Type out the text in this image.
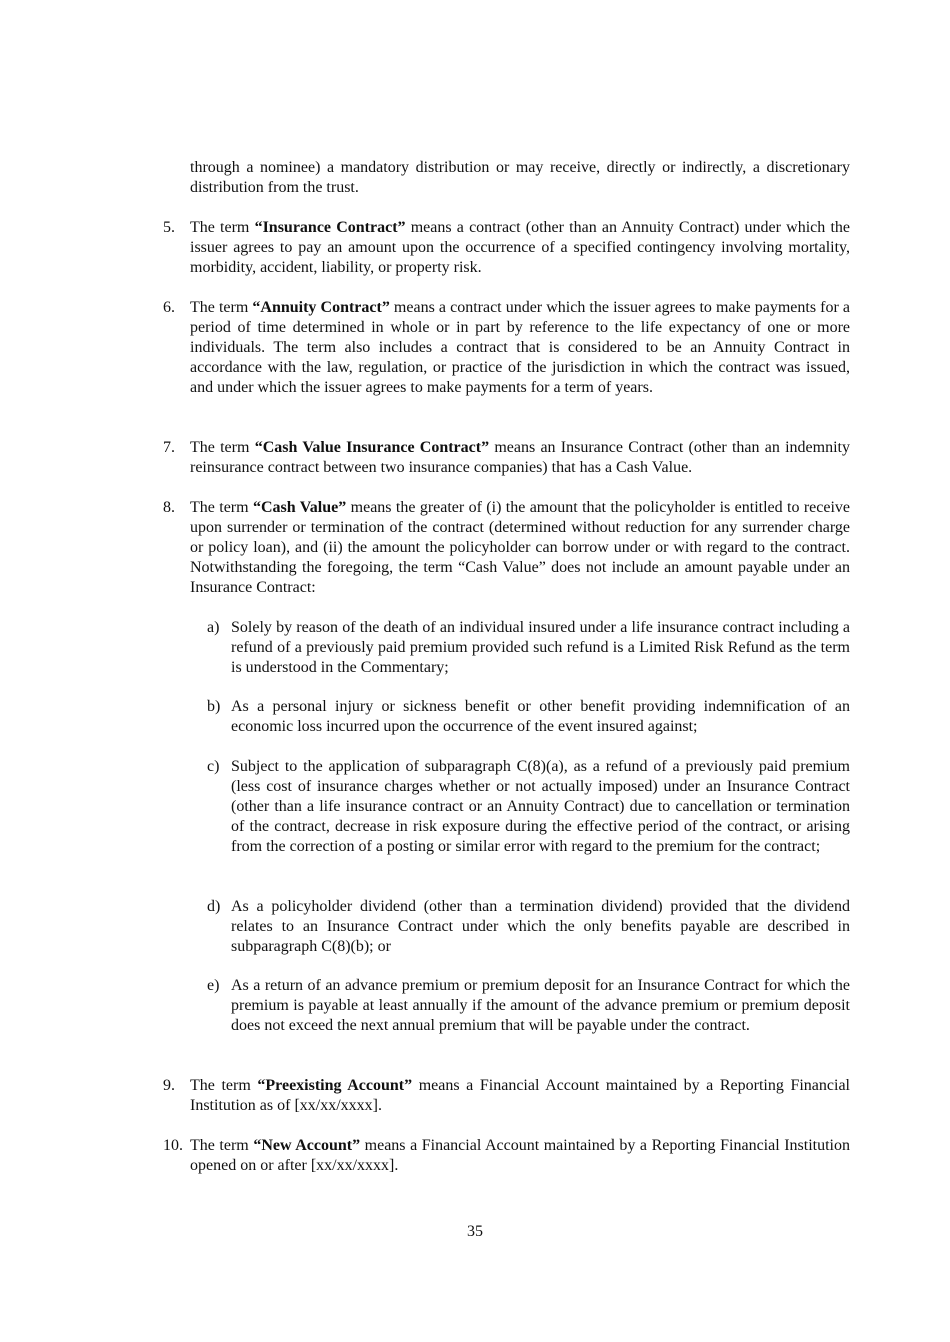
through a nominee) a mandatory distribution or may receive, directly or indirectly, a discretionary distribution from the trust.
5. The term “Insurance Contract” means a contract (other than an Annuity Contract) under which the issuer agrees to pay an amount upon the occurrence of a specified contingency involving mortality, morbidity, accident, liability, or property risk.
6. The term “Annuity Contract” means a contract under which the issuer agrees to make payments for a period of time determined in whole or in part by reference to the life expectancy of one or more individuals. The term also includes a contract that is considered to be an Annuity Contract in accordance with the law, regulation, or practice of the jurisdiction in which the contract was issued, and under which the issuer agrees to make payments for a term of years.
7. The term “Cash Value Insurance Contract” means an Insurance Contract (other than an indemnity reinsurance contract between two insurance companies) that has a Cash Value.
8. The term “Cash Value” means the greater of (i) the amount that the policyholder is entitled to receive upon surrender or termination of the contract (determined without reduction for any surrender charge or policy loan), and (ii) the amount the policyholder can borrow under or with regard to the contract. Notwithstanding the foregoing, the term “Cash Value” does not include an amount payable under an Insurance Contract:
a) Solely by reason of the death of an individual insured under a life insurance contract including a refund of a previously paid premium provided such refund is a Limited Risk Refund as the term is understood in the Commentary;
b) As a personal injury or sickness benefit or other benefit providing indemnification of an economic loss incurred upon the occurrence of the event insured against;
c) Subject to the application of subparagraph C(8)(a), as a refund of a previously paid premium (less cost of insurance charges whether or not actually imposed) under an Insurance Contract (other than a life insurance contract or an Annuity Contract) due to cancellation or termination of the contract, decrease in risk exposure during the effective period of the contract, or arising from the correction of a posting or similar error with regard to the premium for the contract;
d) As a policyholder dividend (other than a termination dividend) provided that the dividend relates to an Insurance Contract under which the only benefits payable are described in subparagraph C(8)(b); or
e) As a return of an advance premium or premium deposit for an Insurance Contract for which the premium is payable at least annually if the amount of the advance premium or premium deposit does not exceed the next annual premium that will be payable under the contract.
9. The term “Preexisting Account” means a Financial Account maintained by a Reporting Financial Institution as of [xx/xx/xxxx].
10. The term “New Account” means a Financial Account maintained by a Reporting Financial Institution opened on or after [xx/xx/xxxx].
35
